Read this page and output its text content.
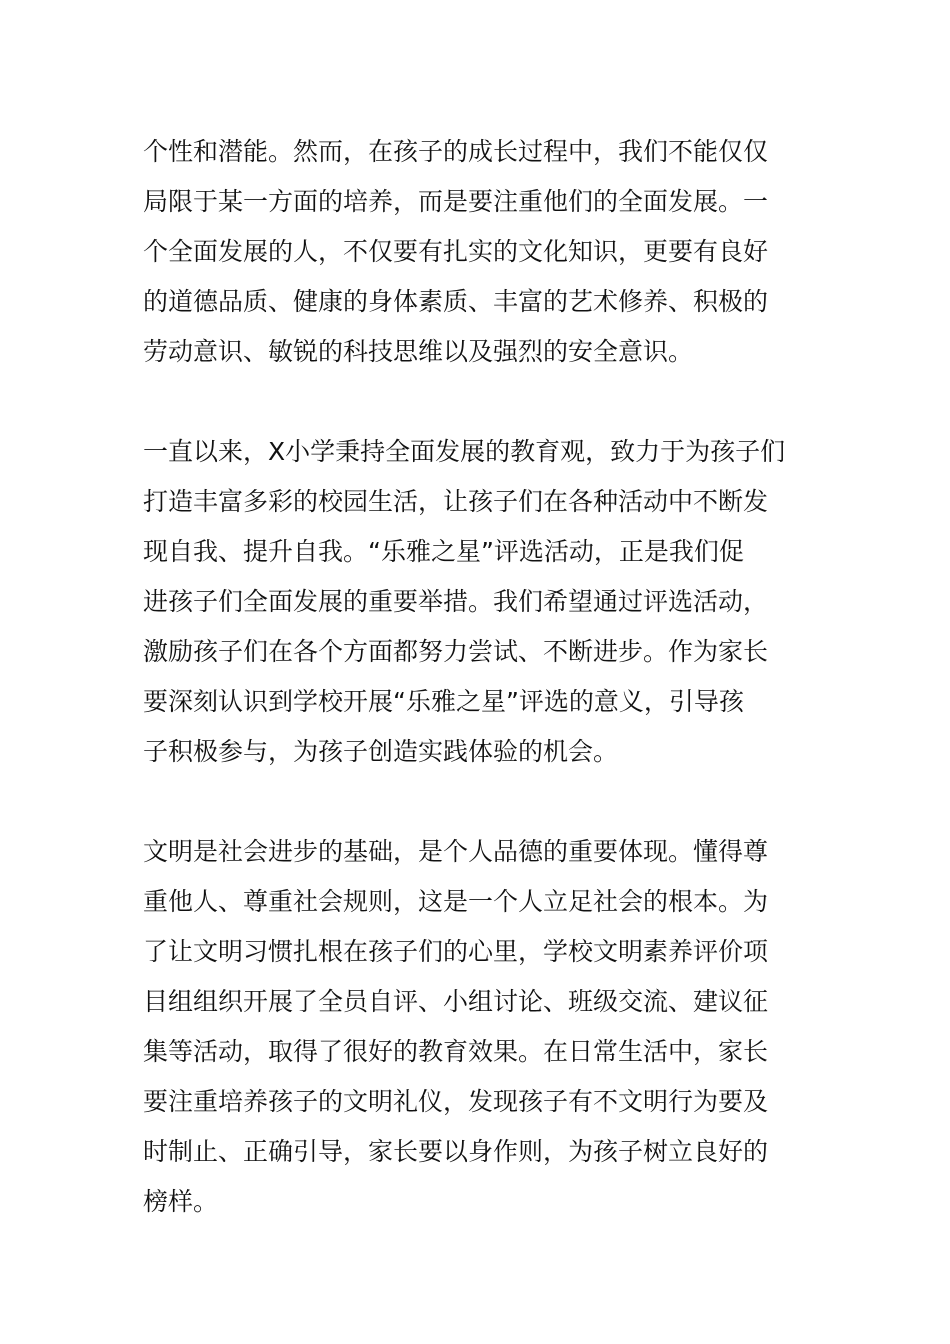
个性和潜能。然而，在孩子的成长过程中，我们不能仅仅
局限于某一方面的培养，而是要注重他们的全面发展。一
个全面发展的人，不仅要有扎实的文化知识，更要有良好
的道德品质、健康的身体素质、丰富的艺术修养、积极的
劳动意识、敏锐的科技思维以及强烈的安全意识。
一直以来，X小学秉持全面发展的教育观，致力于为孩子们
打造丰富多彩的校园生活，让孩子们在各种活动中不断发
现自我、提升自我。“乐雅之星”评选活动，正是我们促
进孩子们全面发展的重要举措。我们希望通过评选活动，
激励孩子们在各个方面都努力尝试、不断进步。作为家长
要深刻认识到学校开展“乐雅之星”评选的意义，引导孩
子积极参与，为孩子创造实践体验的机会。
文明是社会进步的基础，是个人品德的重要体现。懂得尊
重他人、尊重社会规则，这是一个人立足社会的根本。为
了让文明习惯扎根在孩子们的心里，学校文明素养评价项
目组组织开展了全员自评、小组讨论、班级交流、建议征
集等活动，取得了很好的教育效果。在日常生活中，家长
要注重培养孩子的文明礼仪，发现孩子有不文明行为要及
时制止、正确引导，家长要以身作则，为孩子树立良好的
榜样。
